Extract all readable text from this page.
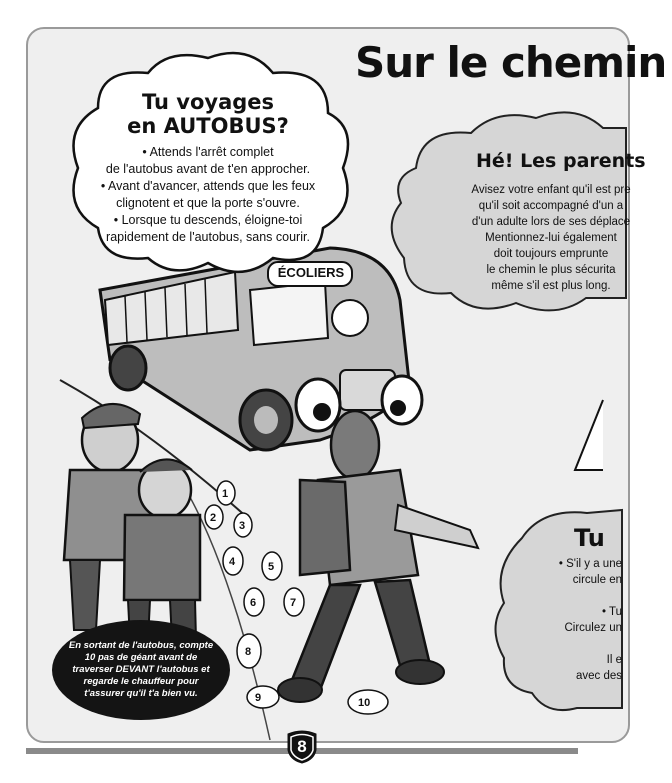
Sur le chemin
1
2
3
4	5
6	7
8
9	10
ÉCOLIERS
Tu voyages
en AUTOBUS?
• Attends l'arrêt complet
de l'autobus avant de t'en approcher.
• Avant d'avancer, attends que les feux
clignotent et que la porte s'ouvre.
• Lorsque tu descends, éloigne-toi
rapidement de l'autobus, sans courir.
Hé! Les parents
Avisez votre enfant qu'il est pre
qu'il soit accompagné d'un a
d'un adulte lors de ses déplace
Mentionnez-lui également
doit toujours emprunte
le chemin le plus sécurita
même s'il est plus long.
Tu
• S'il y a une
circule en

• Tu
Circulez un

Il e
avec des
En sortant de l'autobus, compte 10 pas de géant avant de traverser DEVANT l'autobus et regarde le chauffeur pour t'assurer qu'il t'a bien vu.
8
